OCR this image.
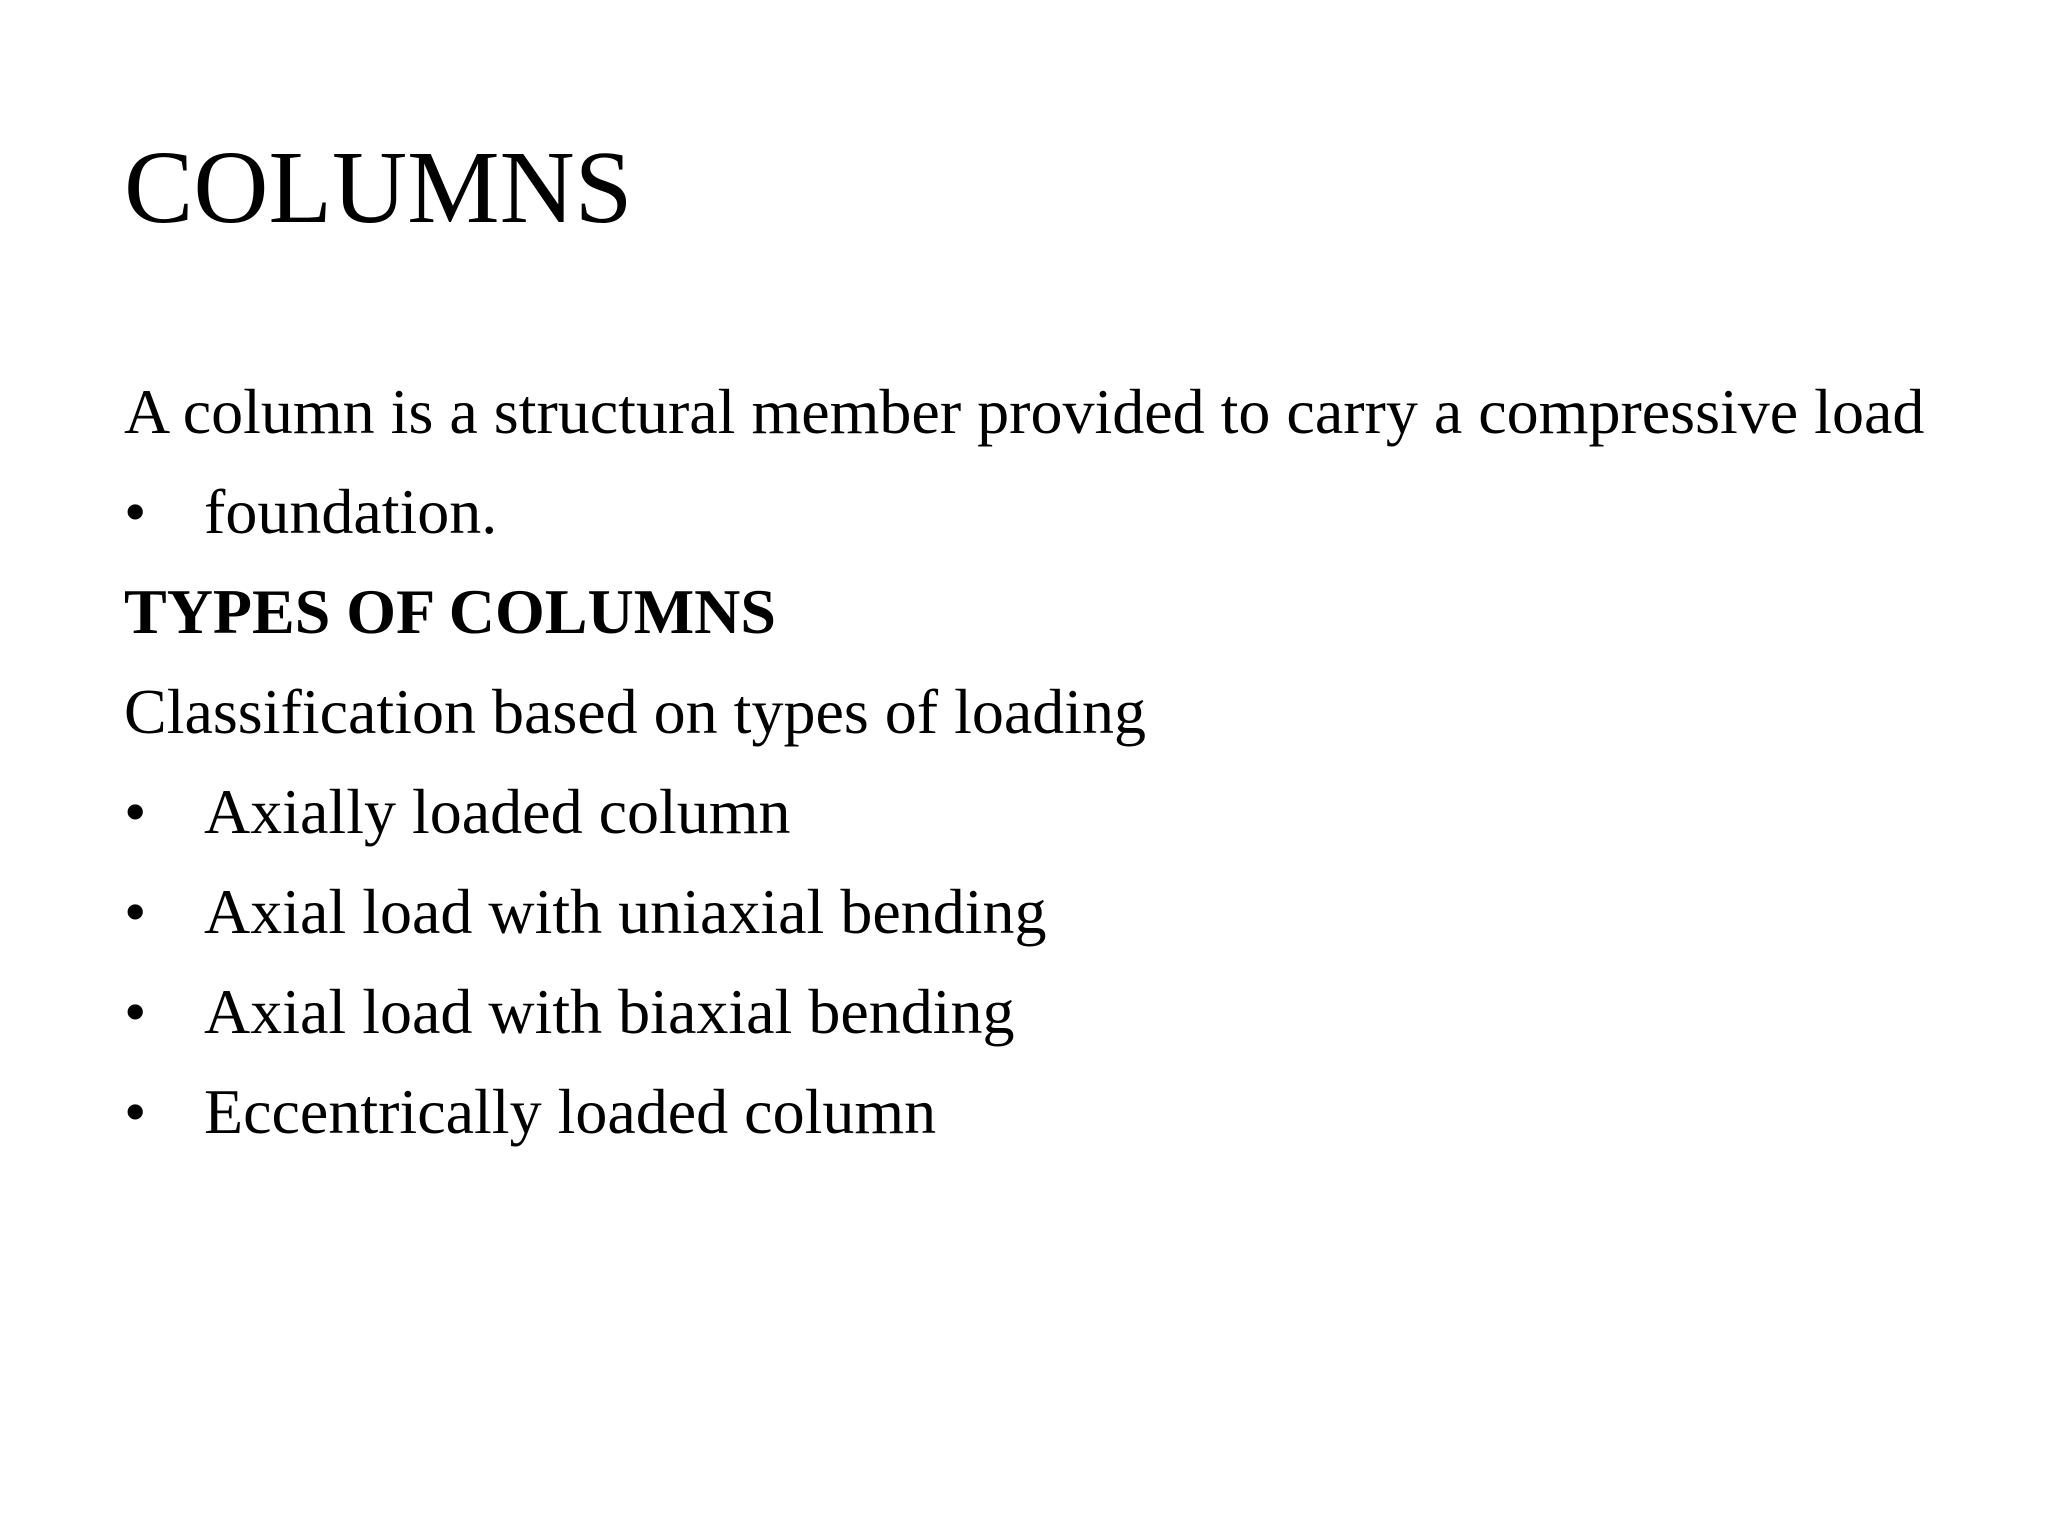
COLUMNS

A column is a structural member provided to carry a compressive load

• foundation.

TYPES OF COLUMNS

Classification based on types of loading

• Axially loaded column
• Axial load with uniaxial bending
• Axial load with biaxial bending
• Eccentrically loaded column
